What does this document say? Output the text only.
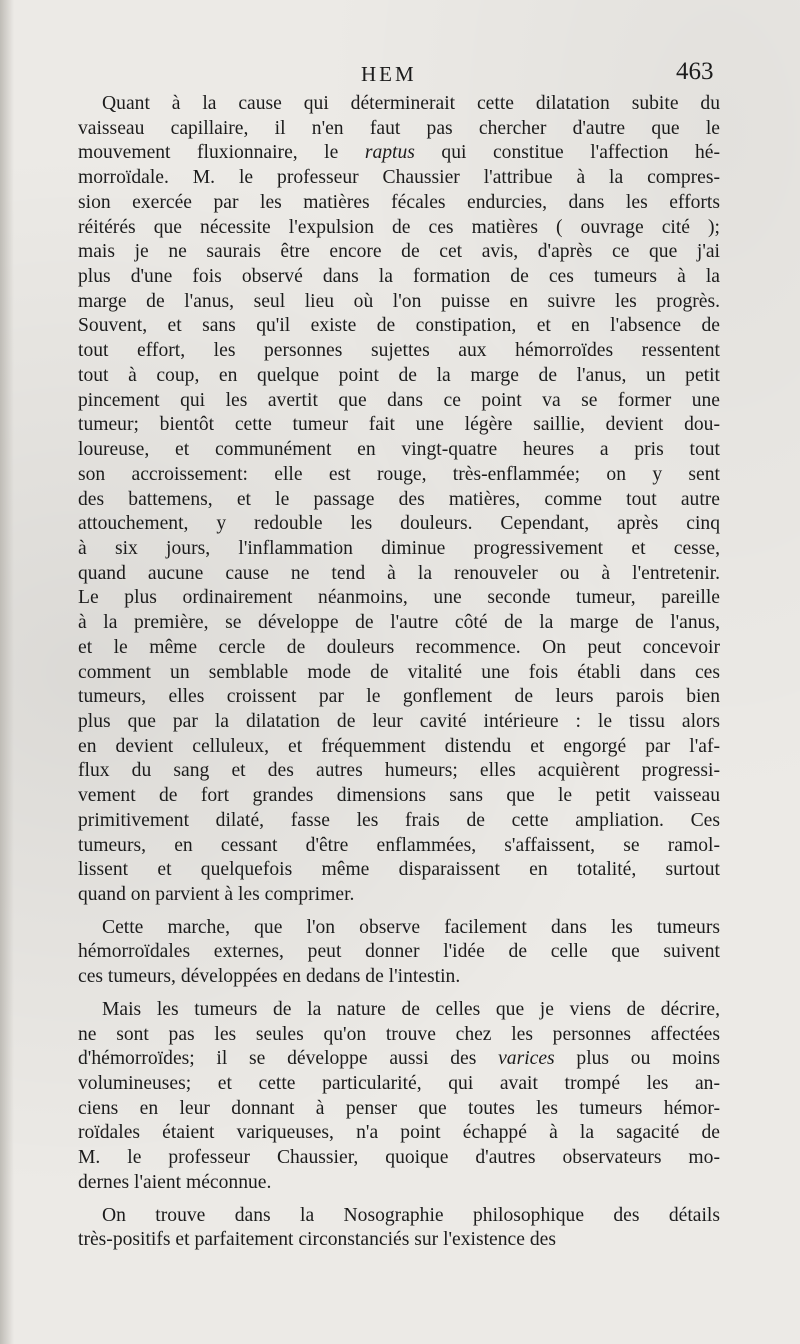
HEM	463
Quant à la cause qui déterminerait cette dilatation subite du
vaisseau capillaire, il n'en faut pas chercher d'autre que le
mouvement fluxionnaire, le raptus qui constitue l'affection hé-
morroïdale. M. le professeur Chaussier l'attribue à la compres-
sion exercée par les matières fécales endurcies, dans les efforts
réitérés que nécessite l'expulsion de ces matières ( ouvrage cité );
mais je ne saurais être encore de cet avis, d'après ce que j'ai
plus d'une fois observé dans la formation de ces tumeurs à la
marge de l'anus, seul lieu où l'on puisse en suivre les progrès.
Souvent, et sans qu'il existe de constipation, et en l'absence de
tout effort, les personnes sujettes aux hémorroïdes ressentent
tout à coup, en quelque point de la marge de l'anus, un petit
pincement qui les avertit que dans ce point va se former une
tumeur; bientôt cette tumeur fait une légère saillie, devient dou-
loureuse, et communément en vingt-quatre heures a pris tout
son accroissement: elle est rouge, très-enflammée; on y sent
des battemens, et le passage des matières, comme tout autre
attouchement, y redouble les douleurs. Cependant, après cinq
à six jours, l'inflammation diminue progressivement et cesse,
quand aucune cause ne tend à la renouveler ou à l'entretenir.
Le plus ordinairement néanmoins, une seconde tumeur, pareille
à la première, se développe de l'autre côté de la marge de l'anus,
et le même cercle de douleurs recommence. On peut concevoir
comment un semblable mode de vitalité une fois établi dans ces
tumeurs, elles croissent par le gonflement de leurs parois bien
plus que par la dilatation de leur cavité intérieure : le tissu alors
en devient celluleux, et fréquemment distendu et engorgé par l'af-
flux du sang et des autres humeurs; elles acquièrent progressi-
vement de fort grandes dimensions sans que le petit vaisseau
primitivement dilaté, fasse les frais de cette ampliation. Ces
tumeurs, en cessant d'être enflammées, s'affaissent, se ramol-
lissent et quelquefois même disparaissent en totalité, surtout
quand on parvient à les comprimer.
Cette marche, que l'on observe facilement dans les tumeurs
hémorroïdales externes, peut donner l'idée de celle que suivent
ces tumeurs, développées en dedans de l'intestin.
Mais les tumeurs de la nature de celles que je viens de décrire,
ne sont pas les seules qu'on trouve chez les personnes affectées
d'hémorroïdes; il se développe aussi des varices plus ou moins
volumineuses; et cette particularité, qui avait trompé les an-
ciens en leur donnant à penser que toutes les tumeurs hémor-
roïdales étaient variqueuses, n'a point échappé à la sagacité de
M. le professeur Chaussier, quoique d'autres observateurs mo-
dernes l'aient méconnue.
On trouve dans la Nosographie philosophique des détails
très-positifs et parfaitement circonstanciés sur l'existence des
